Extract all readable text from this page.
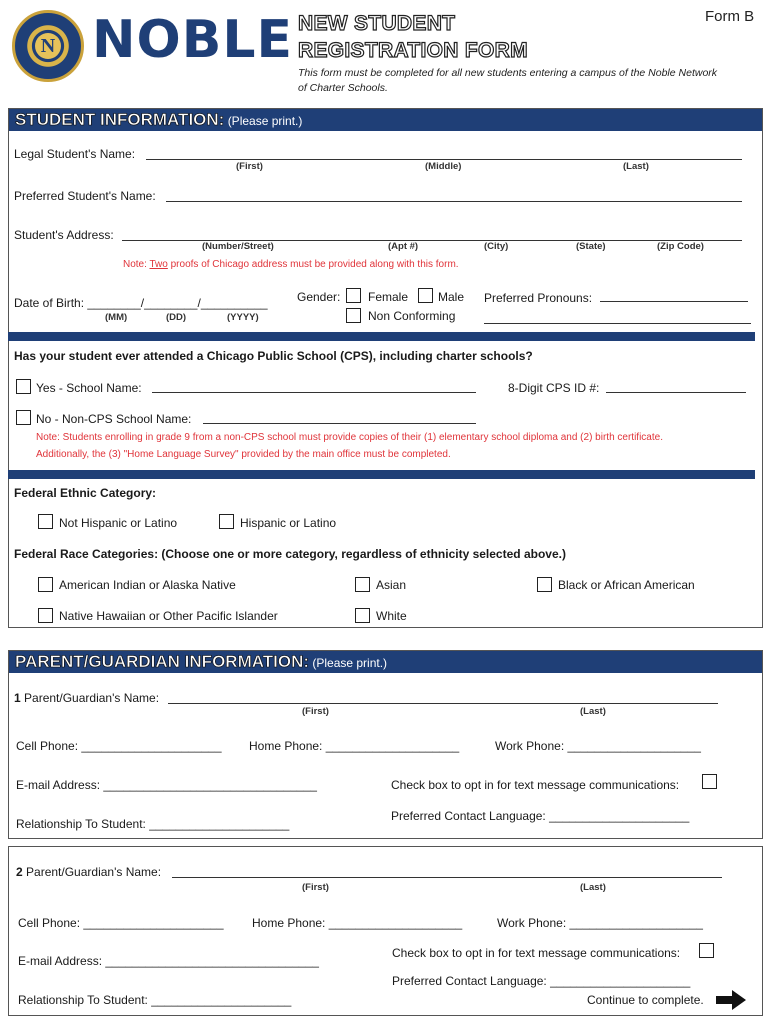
N NOBLE NEW STUDENT
REGISTRATION FORM
Form B
This form must be completed for all new students entering a campus of the Noble Network of Charter Schools.
STUDENT INFORMATION: (Please print.)
Legal Student's Name:
(First)	(Middle)	(Last)
Preferred Student's Name:
Student's Address:
(Number/Street)	(Apt #)	(City)	(State)	(Zip Code)
Note: Two proofs of Chicago address must be provided along with this form.
Date of Birth: ________/________/__________
(MM)	(DD)	(YYYY)
Gender: Female Male
Non Conforming
Preferred Pronouns:
Has your student ever attended a Chicago Public School (CPS), including charter schools?
Yes - School Name:	8-Digit CPS ID #:
No - Non-CPS School Name:
Note: Students enrolling in grade 9 from a non-CPS school must provide copies of their (1) elementary school diploma and (2) birth certificate.
Additionally, the (3) "Home Language Survey" provided by the main office must be completed.
Federal Ethnic Category:
Not Hispanic or Latino	Hispanic or Latino
Federal Race Categories: (Choose one or more category, regardless of ethnicity selected above.)
American Indian or Alaska Native	Asian	Black or African American
Native Hawaiian or Other Pacific Islander	White
PARENT/GUARDIAN INFORMATION: (Please print.)
1 Parent/Guardian's Name:
(First)	(Last)
Cell Phone: _____________________ Home Phone: ____________________	Work Phone: ____________________
E-mail Address: ________________________________	Check box to opt in for text message communications:
Preferred Contact Language: _____________________
Relationship To Student: _____________________
2 Parent/Guardian's Name:
(First)	(Last)
Cell Phone: _____________________ Home Phone: ____________________	Work Phone: ____________________
Check box to opt in for text message communications:
E-mail Address: ________________________________
Preferred Contact Language: _____________________
Relationship To Student: _____________________	Continue to complete.
